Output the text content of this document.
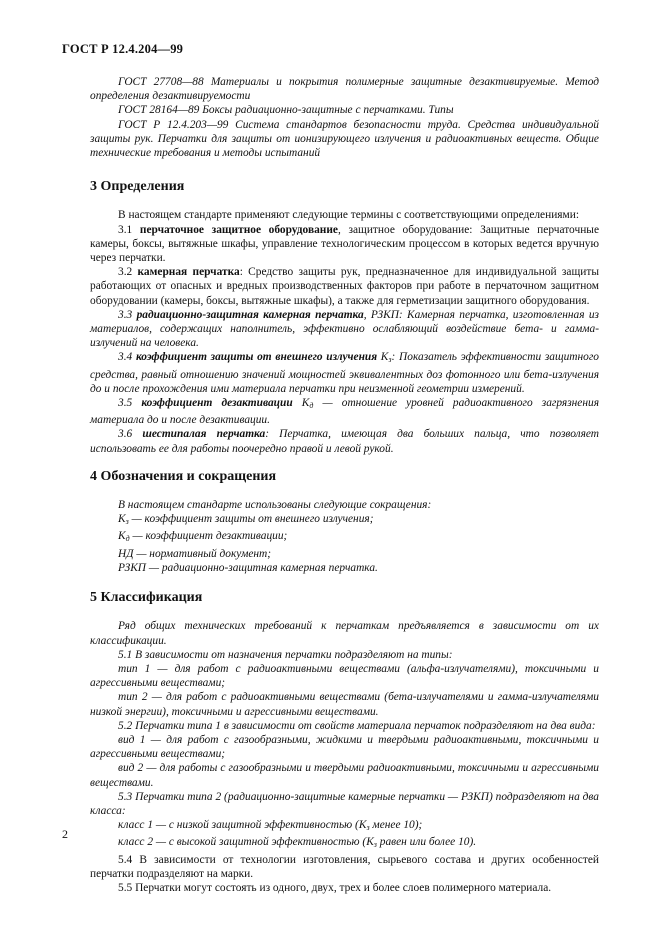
ГОСТ Р 12.4.204—99

ГОСТ 27708—88 Материалы и покрытия полимерные защитные дезактивируемые. Метод определения дезактивируемости

ГОСТ 28164—89 Боксы радиационно-защитные с перчатками. Типы

ГОСТ Р 12.4.203—99 Система стандартов безопасности труда. Средства индивидуальной защиты рук. Перчатки для защиты от ионизирующего излучения и радиоактивных веществ. Общие технические требования и методы испытаний

3 Определения

В настоящем стандарте применяют следующие термины с соответствующими определениями:

3.1 перчаточное защитное оборудование, защитное оборудование: Защитные перчаточные камеры, боксы, вытяжные шкафы, управление технологическим процессом в которых ведется вручную через перчатки.

3.2 камерная перчатка: Средство защиты рук, предназначенное для индивидуальной защиты работающих от опасных и вредных производственных факторов при работе в перчаточном защитном оборудовании (камеры, боксы, вытяжные шкафы), а также для герметизации защитного оборудования.

3.3 радиационно-защитная камерная перчатка, РЗКП: Камерная перчатка, изготовленная из материалов, содержащих наполнитель, эффективно ослабляющий воздействие бета- и гамма-излучений на человека.

3.4 коэффициент защиты от внешнего излучения $K_з$: Показатель эффективности защитного средства, равный отношению значений мощностей эквивалентных доз фотонного или бета-излучения до и после прохождения ими материала перчатки при неизменной геометрии измерений.

3.5 коэффициент дезактивации $K_д$ — отношение уровней радиоактивного загрязнения материала до и после дезактивации.

3.6 шестипалая перчатка: Перчатка, имеющая два больших пальца, что позволяет использовать ее для работы поочередно правой и левой рукой.

4 Обозначения и сокращения

В настоящем стандарте использованы следующие сокращения:

$K_з$ — коэффициент защиты от внешнего излучения;

$K_д$ — коэффициент дезактивации;

НД — нормативный документ;

РЗКП — радиационно-защитная камерная перчатка.

5 Классификация

Ряд общих технических требований к перчаткам предъявляется в зависимости от их классификации.

5.1 В зависимости от назначения перчатки подразделяют на типы:

тип 1 — для работ с радиоактивными веществами (альфа-излучателями), токсичными и агрессивными веществами;

тип 2 — для работ с радиоактивными веществами (бета-излучателями и гамма-излучателями низкой энергии), токсичными и агрессивными веществами.

5.2 Перчатки типа 1 в зависимости от свойств материала перчаток подразделяют на два вида:

вид 1 — для работ с газообразными, жидкими и твердыми радиоактивными, токсичными и агрессивными веществами;

вид 2 — для работы с газообразными и твердыми радиоактивными, токсичными и агрессивными веществами.

5.3 Перчатки типа 2 (радиационно-защитные камерные перчатки — РЗКП) подразделяют на два класса:

класс 1 — с низкой защитной эффективностью ($K_з$ менее 10);

класс 2 — с высокой защитной эффективностью ($K_з$ равен или более 10).

5.4 В зависимости от технологии изготовления, сырьевого состава и других особенностей перчатки подразделяют на марки.

5.5 Перчатки могут состоять из одного, двух, трех и более слоев полимерного материала.

2
